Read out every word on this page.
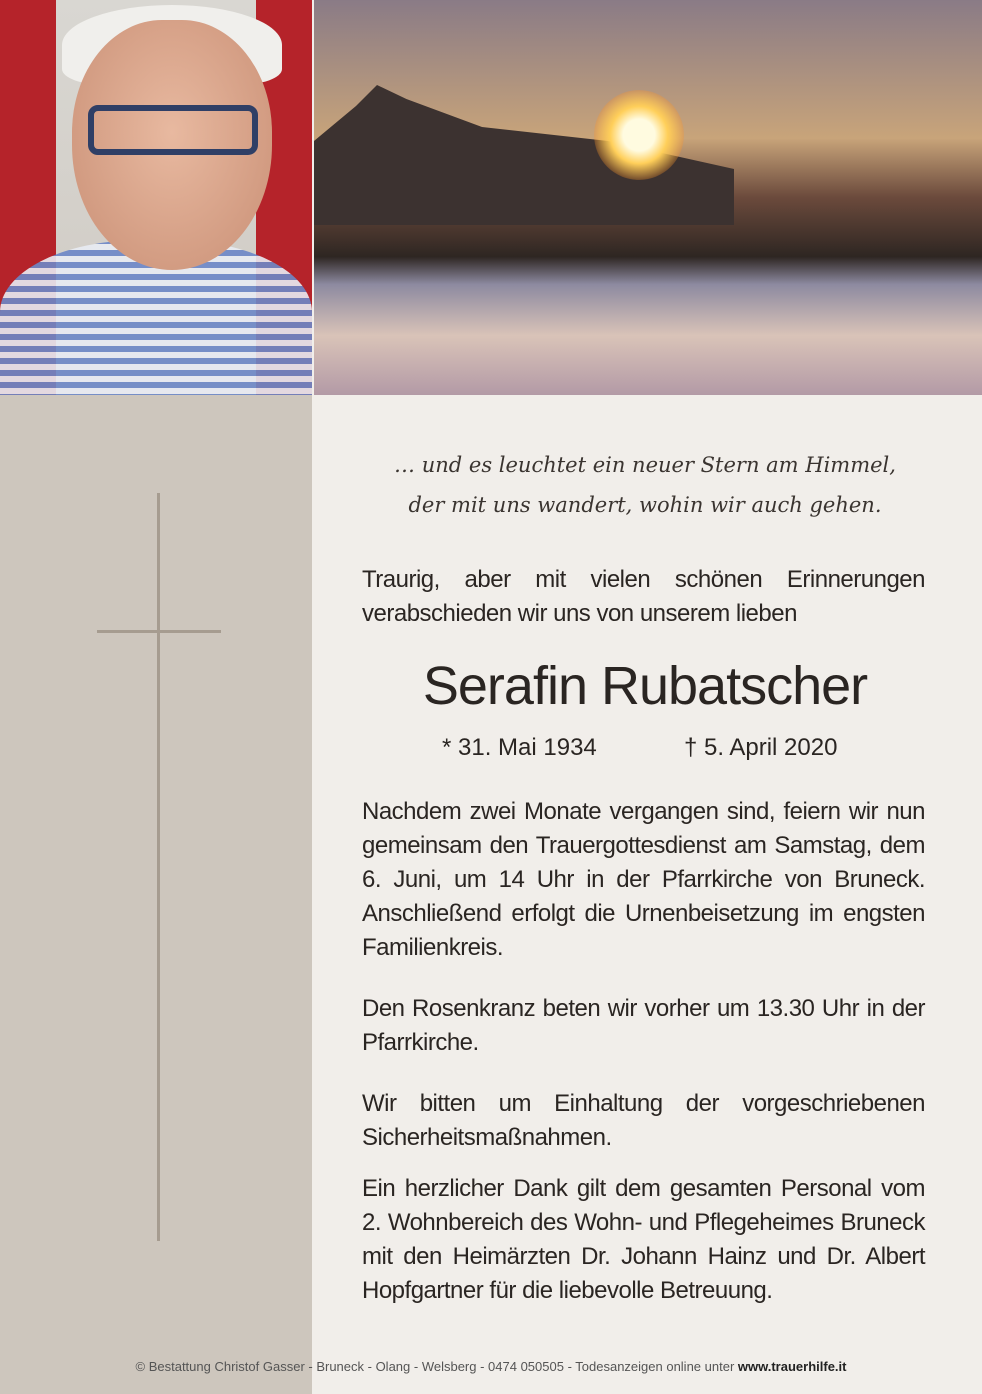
… und es leuchtet ein neuer Stern am Himmel,
der mit uns wandert, wohin wir auch gehen.
Traurig, aber mit vielen schönen Erinnerungen verabschieden wir uns von unserem lieben
Serafin Rubatscher
* 31. Mai 1934	† 5. April 2020
Nachdem zwei Monate vergangen sind, feiern wir nun gemeinsam den Trauergottesdienst am Samstag, dem 6. Juni, um 14 Uhr in der Pfarrkirche von Bruneck. Anschließend erfolgt die Urnenbeisetzung im engsten Familienkreis.
Den Rosenkranz beten wir vorher um 13.30 Uhr in der Pfarrkirche.
Wir bitten um Einhaltung der vorgeschriebenen Sicherheitsmaßnahmen.
Ein herzlicher Dank gilt dem gesamten Personal vom 2. Wohnbereich des Wohn- und Pflegeheimes Bruneck mit den Heimärzten Dr. Johann Hainz und Dr. Albert Hopfgartner für die liebevolle Betreuung.
© Bestattung Christof Gasser - Bruneck - Olang - Welsberg - 0474 050505 - Todesanzeigen online unter www.trauerhilfe.it
